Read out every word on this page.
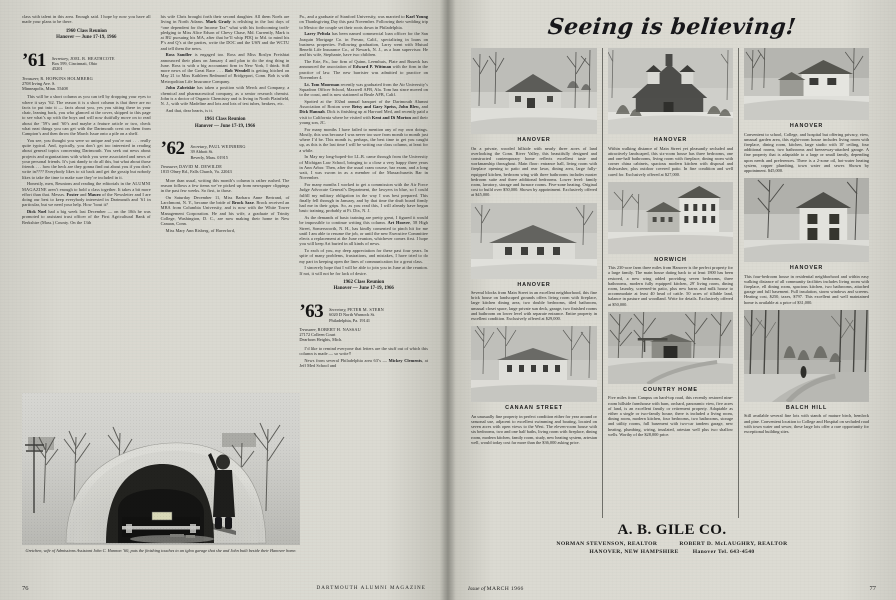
class with talent in this area. Enough said. I hope by now you have all made your plans to be there.

1960 Class Reunion
Hanover — June 17-19, 1966
’61 Secretary, JOEL B. HEATHCOTE
Box 599, Cincinnati, Ohio
45201
Treasurer, R. HOPKINS HOLMBERG
2708 Irving Ave. S.
Minneapolis, Minn. 55408

This will be a short column as you can tell by dropping your eyes to where it says ’62. The reason it is a short column is that there are no facts to put into it — facts about you, yes you sitting there in your chair, leaning back, you who glanced at the cover, skipped to this page to see what’s up with the boys and will now dutifully move on to read about the ’59’s and ’60’s and maybe a feature article or two, check what neat things you can get with the Dartmouth crest on them from Campion’s and then throw the March Issue onto a pile on a shelf.

You see, you thought you were so unique and you’re not . . . really quite typical. And, typically, you don’t get too interested in reading about general topics concerning Dartmouth. You seek out news about projects and organizations with which you were associated and news of your personal friends. It’s just dandy to do all this, but what about those friends . . . how the heck are they gonna find out about you if you don’t write in???? Everybody likes to sit back and get the gossip but nobody likes to take the time to make sure they’re included in it.

Honestly, men, Reunions and reading the editorials in the ALUMNI MAGAZINE aren’t enough to hold a class together. It takes a bit more effort than that. Messrs. Foster and Mauro of the Newsletter and I are doing our best to keep everybody interested in Dartmouth and ’61 in particular, but we need your help. How ’bout it?

Dick Noel had a big week last December — on the 10th he was promoted to assistant trust officer of the First Agricultural Bank of Berkshire (Mass.) County. On the 13th

his wife Chris brought forth their second daughter. All them Noels are living in North Adams. Mark Grady is relishing in the last days of “one dependent for the Income Tax” what with his forthcoming troth-pledging to Miss Alice Edson of Chevy Chase, Md. Currently, Mark is at BU pursuing his MA, after that he’ll whip PDQ to Md. to mind his P’s and Q’s at the parties, write the DOC and the USN and the WCTU and tell them the news.

Ross Sandler is engaged too. Ross and Miss Roslyn Freishtat announced their plans on January 4 and plan to do the ring thing in June. Ross is with a big accountant firm in New York, I think. Still more news of the Great Race . . . Bob Wendell is getting hitched on May 21 to Miss Kathleen Redmond of Bridgeport, Conn. Bob is with Metropolitan Life Insurance Company.

John Zabriskie has taken a position with Merck and Company, a chemical and pharmaceutical company, as a senior research chemist. John is a doctor of Organic Chemistry and is living in North Plainfield, N. J., with wife Madeline and lots and lots of test tubes, beakers, etc.

And that, dear hearts, is it.

1961 Class Reunion
Hanover — June 17-19, 1966
’62 Secretary, PAUL WEINBERG
39 Abbott St.
Beverly, Mass. 01915
Treasurer, DAVID M. DEWILDE
1815 Olney Rd., Falls Church, Va. 22043

More than usual, writing this month’s column is rather rushed. The reason follows a few items we’ve picked up from newspaper clippings in the past few weeks. So first, to those.

On Saturday December 11, Miss Barbara Anne Bertrand, of Larchmont, N. Y., became the bride of Brock Saxe. Brock received an MBA from Columbia University, and is now with the White Tower Management Corporation. He and his wife, a graduate of Trinity College, Washington, D. C., are now making their home in New Canaan, Conn.

Miss Mary Ann Risberg, of Haverford,

Pa., and a graduate of Stanford University, was married to Karl Young on Thanksgiving Day this past November. Following their wedding trip to Mexico the couple set their roots down in Philadelphia.

Larry Peltola has been named commercial loan officer for the San Joaquin Mortgage Co. in Fresno, Calif., specializing in loans on business properties. Following graduation, Larry went with Mutual Benefit Life Insurance Co., of Newark, N. J., as a loan supervisor. He and his wife, Stephanie, have two children.

The Erie, Pa., law firm of Quinn, Leemhuis, Plate and Buseck has announced the association of Edward P. Wittman with the firm in the practice of law. The new barrister was admitted to practice on November 4.

Lt. Tom Moorman recently was graduated from the Air University’s Squadron Officer School, Maxwell AFB, Ala. Tom has since moved on to the coast, and is now stationed at Beale AFB, Calif.

Spotted at the 102nd annual banquet of the Dartmouth Alumni Association of Boston were Betsy and Gary Speiss, John Blew, and Dick Hannah. Dick is finishing up at Harvard Med, and recently paid a visit to California where he visited with Kent and Di Morton and their young son, JC.

For many months I have failed to mention any of my own doings. Mostly, this was because I was never too sure from month to month just where I’d be. This month is, perhaps, the best time to get you caught up, as this is the last time I will be writing our class column, at least for a while.

In May my long-hoped-for LL.B. came through from the University of Michigan Law School, bringing to a close a very happy three years in Ann Arbor. Then, after the usual cram course, bar exam, and a long wait, I was sworn in as a member of the Massachusetts Bar in November.

For many months I worked to get a commission with the Air Force Judge Advocate General’s Department, the lawyers in blue, so I could fulfill my military obligation in the way I was best prepared. This finally fell through in January, and by that time the draft board firmly had me in their grips. So, as you read this, I will already have begun basic training, probably at Ft. Dix, N. J.

As the demands of basic training are pretty great, I figured it would be impossible to continue writing this column. Art Hoover, 58 High Street, Somersworth, N. H., has kindly consented to pinch hit for me until I am able to resume the job, or until the new Executive Committee elects a replacement at the June reunion, whichever comes first. I hope you will keep Art buried in all kinds of news.

To each of you, my deep appreciation for these past four years. In spite of many problems, frustrations, and mistakes, I have tried to do my part in keeping open the lines of communication for a great class.

I sincerely hope that I will be able to join you in June at the reunion. If not, it will not be for lack of desire.

1962 Class Reunion
Hanover — June 17-19, 1966
’63 Secretary, PETER M. STERN
6020 D North Warnock St.
Philadelphia, Pa. 19141
Treasurer, ROBERT H. NASSAU
27172 Colleen Court
Dearborn Heights, Mich.

I’d like to remind everyone that letters are the stuff out of which this column is made — so write!!

News from several Philadelphia area 63’s — Mickey Clements, at Jeff Med School and

Gretchen, wife of Admissions Assistant John C. Hannon ’60, puts the finishing touches to an igloo garage that she and John built beside their Hanover home.
76	DARTMOUTH ALUMNI MAGAZINE
Seeing is believing!
HANOVER

On a private, wooded hillside with nearly three acres of land overlooking the Conn. River Valley, this beautifully designed and constructed contemporary home reflects excellent taste and workmanship throughout. Main floor: entrance hall, living room with fireplace opening to patio and rear lawn, dining area, large fully-equipped kitchen, bedroom wing with three bathrooms includes master bedroom suite and three additional bedrooms. Lower level: family room, lavatory, storage and furnace rooms. Five-zone heating. Original cost to build over $50,000. Shown by appointment. Exclusively offered at $45,000.

HANOVER

Several blocks from Main Street in an excellent neighborhood, this fine brick house on landscaped grounds offers living room with fireplace, large kitchen dining area, two double bedrooms, tiled bathroom, unusual closet space, large private sun deck, garage, two finished rooms and bathroom on lower level with separate entrance. Entire property in excellent condition. Exclusively offered at $29,000.

CANAAN STREET

An unusually fine property in perfect condition either for year around or seasonal use, adjacent to excellent swimming and boating, located on seven acres with open views to the West. The eleven-room house with six bedrooms, two and one half baths, living room with fireplace, dining room, modern kitchen, family room, study, new heating system, artesian well, would today cost far more than the $36,000 asking price.

HANOVER

Within walking distance of Main Street yet pleasantly secluded and attractively landscaped, this six-room house has three bedrooms, one and one-half bathrooms, living room with fireplace, dining room with corner china cabinets, spacious modern kitchen with disposal and dishwasher, plus outdoor covered patio. In fine condition and well cared for. Exclusively offered at $27,000.

NORWICH

This 230-acre farm three miles from Hanover is the perfect property for a large family. The main house dating back to at least 1800 has been restored, a new wing added providing seven bedrooms, three bathrooms, modern fully equipped kitchen, 29' living room, dining room, laundry, screened-in patio, plus new barns and milk house to accommodate at least 40 head of cattle. 50 acres of tillable land, balance in pasture and woodland. Write for details. Exclusively offered at $50,000.

COUNTRY HOME

Five miles from Campus on hard-top road, this recently restored nine-room hillside farmhouse with barn, orchard, panoramic view, five acres of land, is an excellent family or retirement property. Adaptable as either a single or two-family house, there is included a living room, dining room, modern kitchen, four bedrooms, two bathrooms, storage and utility rooms, full basement with two-car tandem garage, new heating, plumbing, wiring, insulated, artesian well plus two shallow wells. Worthy of the $28,000 price.

HANOVER

Convenient to school, College, and hospital but offering privacy, view, unusual garden area, this eight-room house includes living room with fireplace, dining room, kitchen, large studio with 10' ceiling, four additional rooms, two bathrooms and breezeway-attached garage. A fine property that is adaptable to a large or small family, depending upon needs and preferences. There is a 2-zone oil, hot-water heating system, copper plumbing, town water and sewer. Shown by appointment. $45,000.

HANOVER

This four-bedroom house in residential neighborhood and within easy walking distance of all community facilities includes living room with fireplace, ell dining room, spacious kitchen, two bathrooms, attached garage and full basement. Full insulation, storm windows and screens. Heating cost, $250, taxes, $797. This excellent and well maintained home is available at a price of $31,000.

BALCH HILL

Still available several fine lots with stands of mature birch, hemlock and pine. Convenient location to College and Hospital on secluded road with town water and sewer, these large lots offer a rare opportunity for exceptional building sites.

A. B. GILE CO.
NORMAN STEVENSON, REALTOR	ROBERT D. McLAUGHRY, REALTOR
HANOVER, NEW HAMPSHIRE	Hanover Tel. 643-4540
Issue of MARCH 1966	77
